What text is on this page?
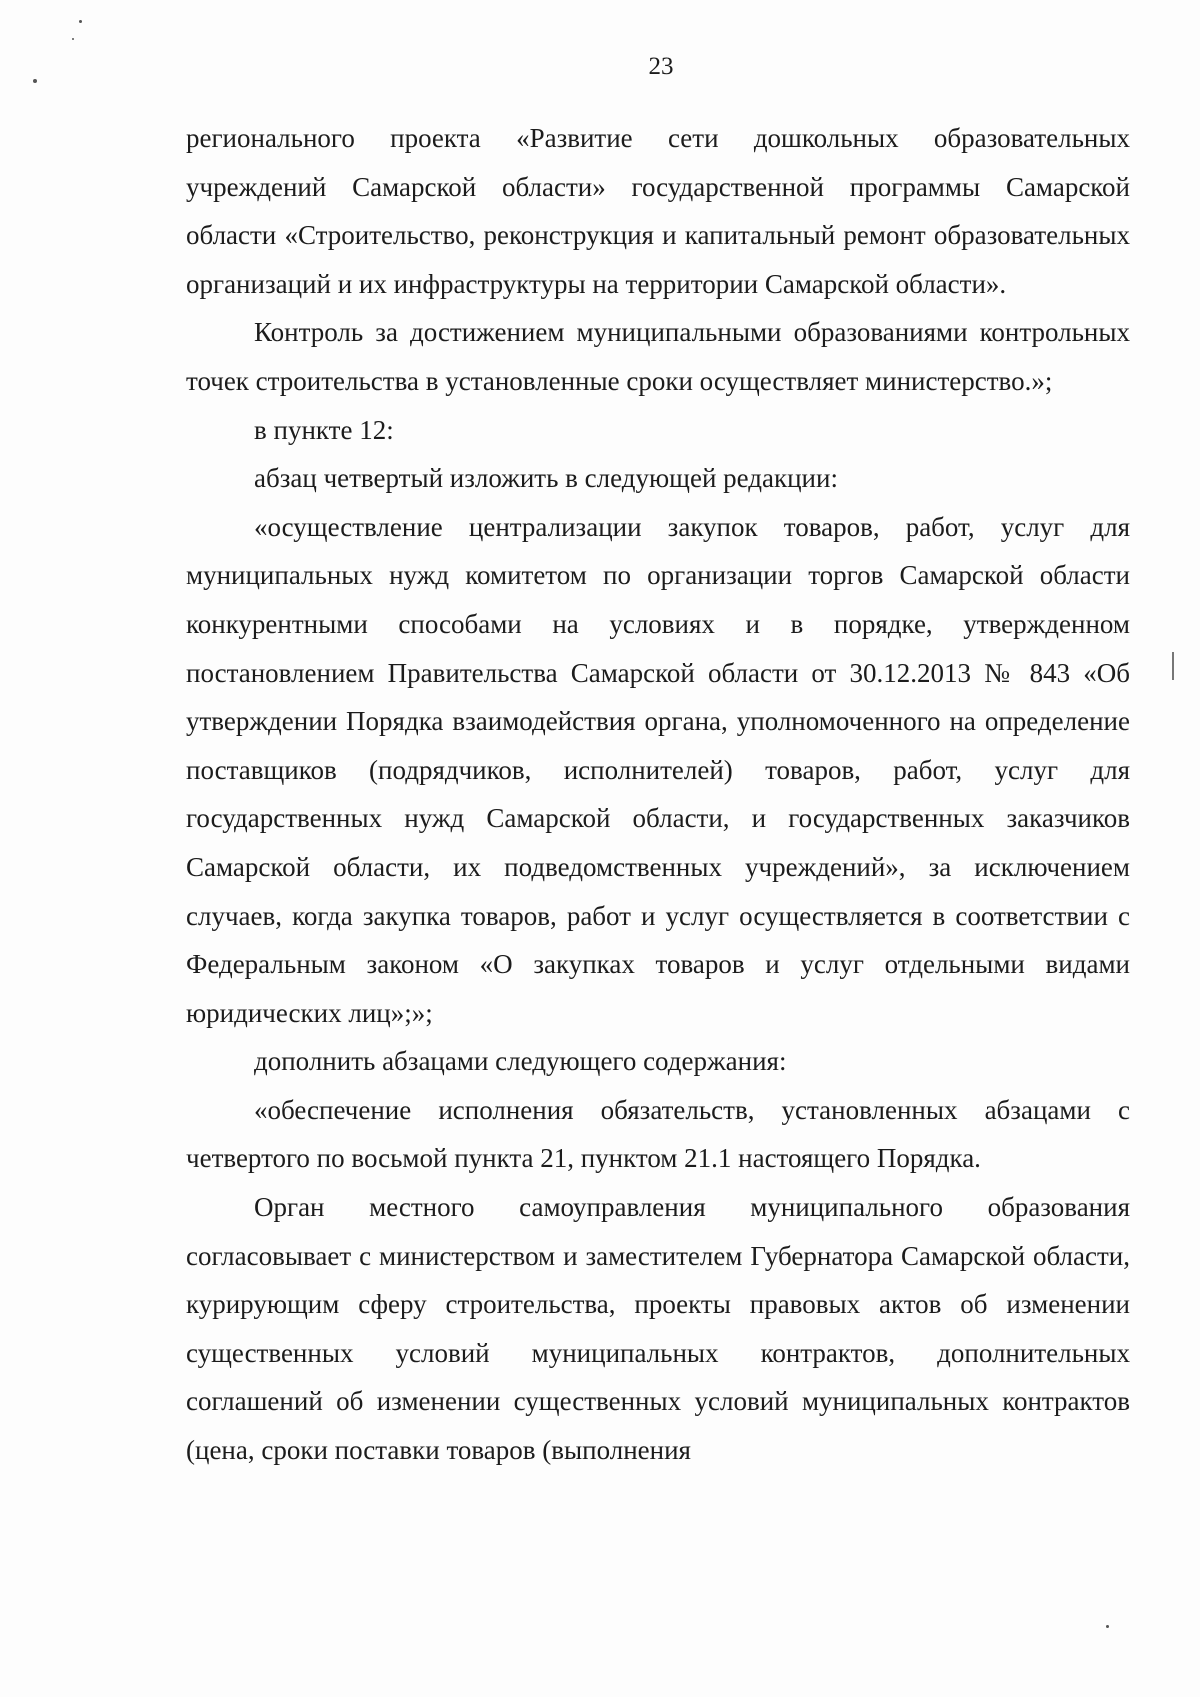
23

регионального проекта «Развитие сети дошкольных образовательных учреждений Самарской области» государственной программы Самарской области «Строительство, реконструкция и капитальный ремонт образовательных организаций и их инфраструктуры на территории Самарской области».

Контроль за достижением муниципальными образованиями контрольных точек строительства в установленные сроки осуществляет министерство.»;

в пункте 12:

абзац четвертый изложить в следующей редакции:

«осуществление централизации закупок товаров, работ, услуг для муниципальных нужд комитетом по организации торгов Самарской области конкурентными способами на условиях и в порядке, утвержденном постановлением Правительства Самарской области от 30.12.2013 № 843 «Об утверждении Порядка взаимодействия органа, уполномоченного на определение поставщиков (подрядчиков, исполнителей) товаров, работ, услуг для государственных нужд Самарской области, и государственных заказчиков Самарской области, их подведомственных учреждений», за исключением случаев, когда закупка товаров, работ и услуг осуществляется в соответствии с Федеральным законом «О закупках товаров и услуг отдельными видами юридических лиц»;»;

дополнить абзацами следующего содержания:

«обеспечение исполнения обязательств, установленных абзацами с четвертого по восьмой пункта 21, пунктом 21.1 настоящего Порядка.

Орган местного самоуправления муниципального образования согласовывает с министерством и заместителем Губернатора Самарской области, курирующим сферу строительства, проекты правовых актов об изменении существенных условий муниципальных контрактов, дополнительных соглашений об изменении существенных условий муниципальных контрактов (цена, сроки поставки товаров (выполнения
